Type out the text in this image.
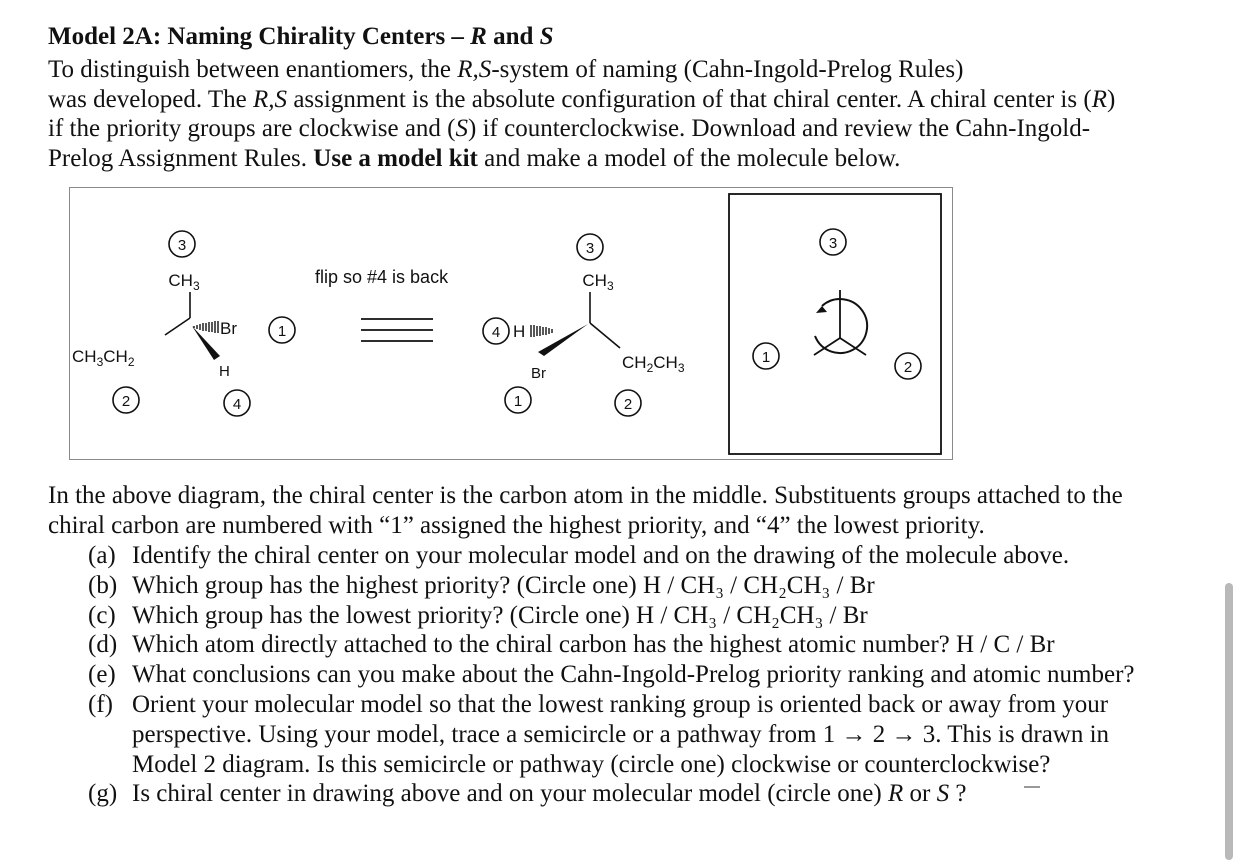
Model 2A: Naming Chirality Centers – R and S
To distinguish between enantiomers, the R,S-system of naming (Cahn-Ingold-Prelog Rules)
was developed. The R,S assignment is the absolute configuration of that chiral center. A chiral center is (R)
if the priority groups are clockwise and (S) if counterclockwise. Download and review the Cahn-Ingold-
Prelog Assignment Rules. Use a model kit and make a model of the molecule below.
3
$CH_3$
$CH_3CH_2$
Br	1
H
2	4
flip so #4 is back
3
$CH_3$
4 H
Br
$CH_2CH_3$
1	2
3
1
2
In the above diagram, the chiral center is the carbon atom in the middle. Substituents groups attached to the
chiral carbon are numbered with “1” assigned the highest priority, and “4” the lowest priority.
(a) Identify the chiral center on your molecular model and on the drawing of the molecule above.
(b) Which group has the highest priority? (Circle one) H / CH₃ / CH₂CH₃ / Br
(c) Which group has the lowest priority? (Circle one) H / CH₃ / CH₂CH₃ / Br
(d) Which atom directly attached to the chiral carbon has the highest atomic number? H / C / Br
(e) What conclusions can you make about the Cahn-Ingold-Prelog priority ranking and atomic number?
(f) Orient your molecular model so that the lowest ranking group is oriented back or away from your
perspective. Using your model, trace a semicircle or a pathway from 1 → 2 → 3. This is drawn in
Model 2 diagram. Is this semicircle or pathway (circle one) clockwise or counterclockwise?
(g) Is chiral center in drawing above and on your molecular model (circle one) R or S ?
